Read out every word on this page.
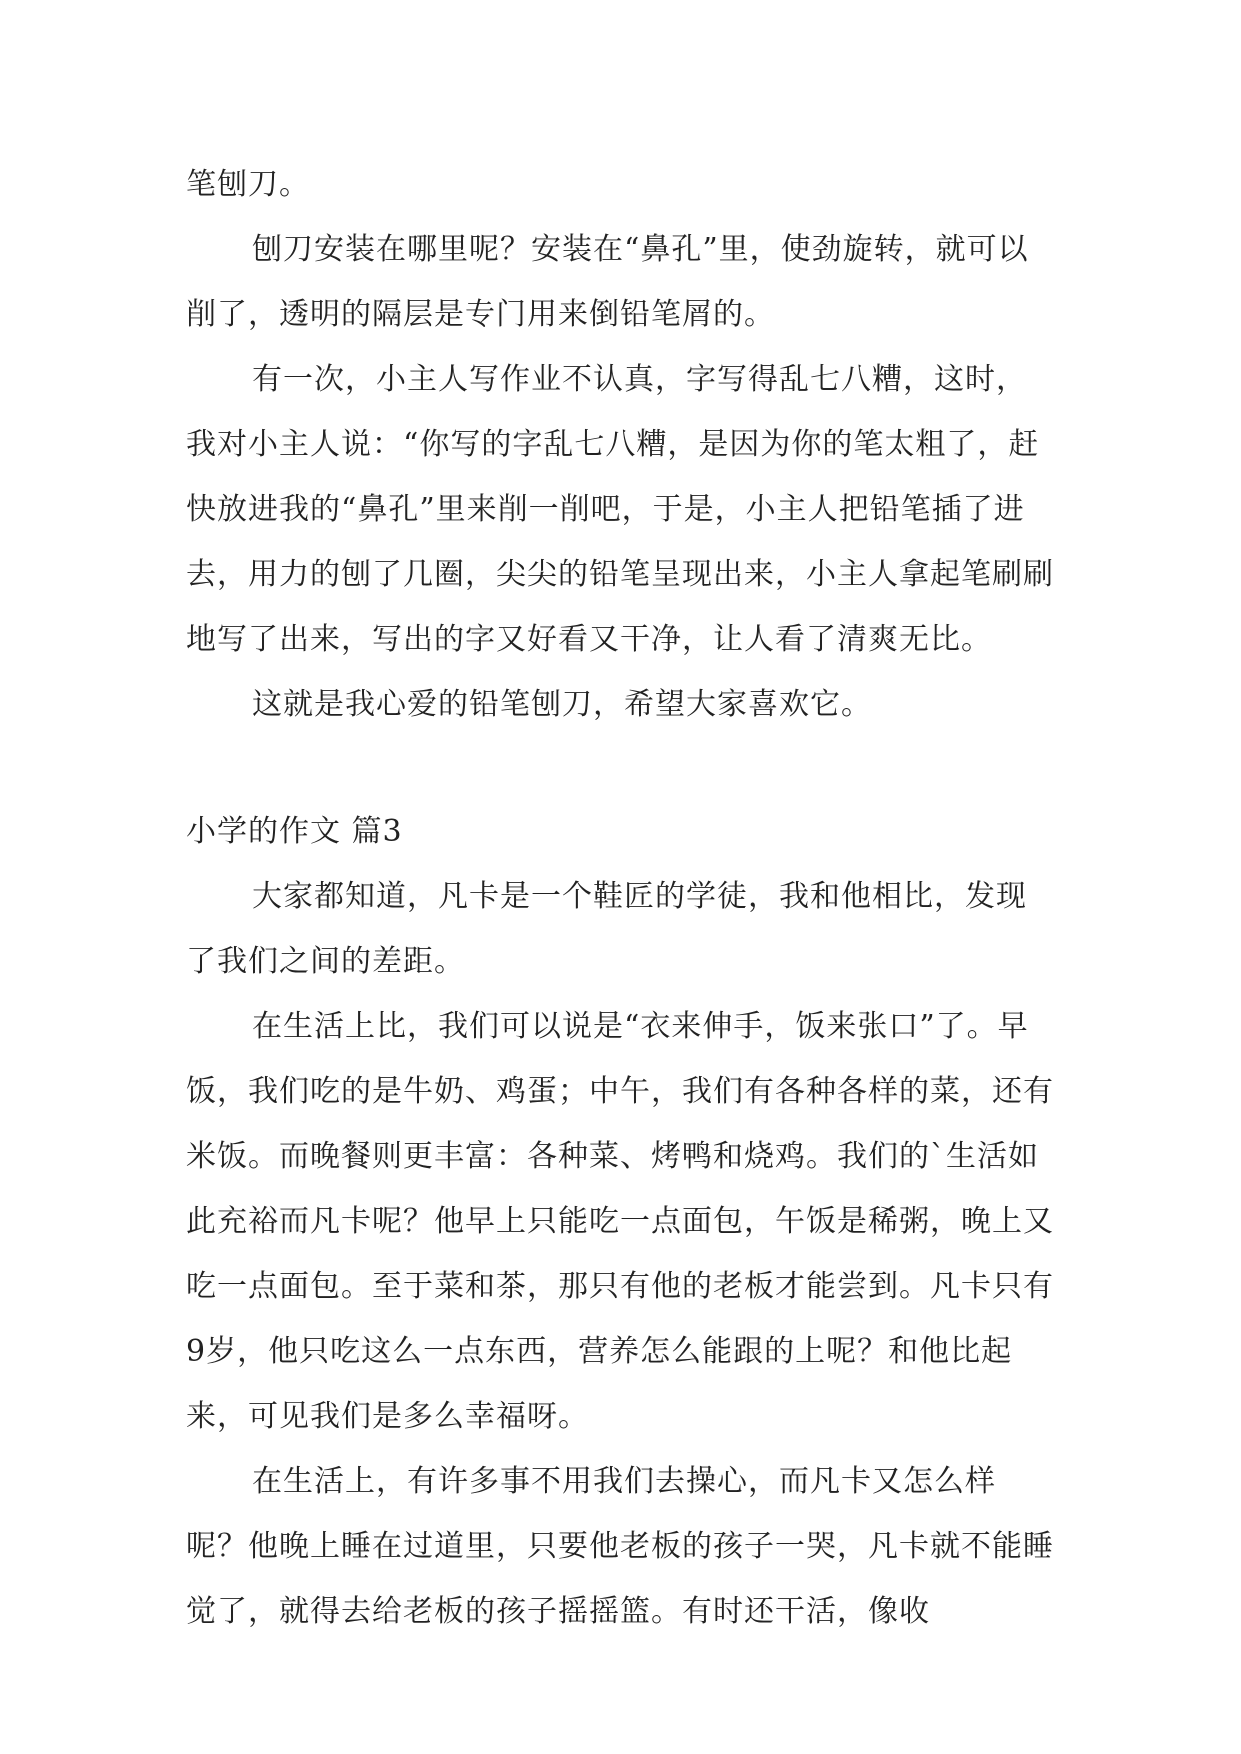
笔刨刀。

刨刀安装在哪里呢？安装在“鼻孔”里，使劲旋转，就可以削了，透明的隔层是专门用来倒铅笔屑的。

有一次，小主人写作业不认真，字写得乱七八糟，这时，我对小主人说：“你写的字乱七八糟，是因为你的笔太粗了，赶快放进我的“鼻孔”里来削一削吧，于是，小主人把铅笔插了进去，用力的刨了几圈，尖尖的铅笔呈现出来，小主人拿起笔刷刷地写了出来，写出的字又好看又干净，让人看了清爽无比。

这就是我心爱的铅笔刨刀，希望大家喜欢它。

小学的作文 篇3

大家都知道，凡卡是一个鞋匠的学徒，我和他相比，发现了我们之间的差距。

在生活上比，我们可以说是“衣来伸手，饭来张口”了。早饭，我们吃的是牛奶、鸡蛋；中午，我们有各种各样的菜，还有米饭。而晚餐则更丰富：各种菜、烤鸭和烧鸡。我们的`生活如此充裕而凡卡呢？他早上只能吃一点面包，午饭是稀粥，晚上又吃一点面包。至于菜和茶，那只有他的老板才能尝到。凡卡只有9岁，他只吃这么一点东西，营养怎么能跟的上呢？和他比起来，可见我们是多么幸福呀。

在生活上，有许多事不用我们去操心，而凡卡又怎么样呢？他晚上睡在过道里，只要他老板的孩子一哭，凡卡就不能睡觉了，就得去给老板的孩子摇摇篮。有时还干活，像收
